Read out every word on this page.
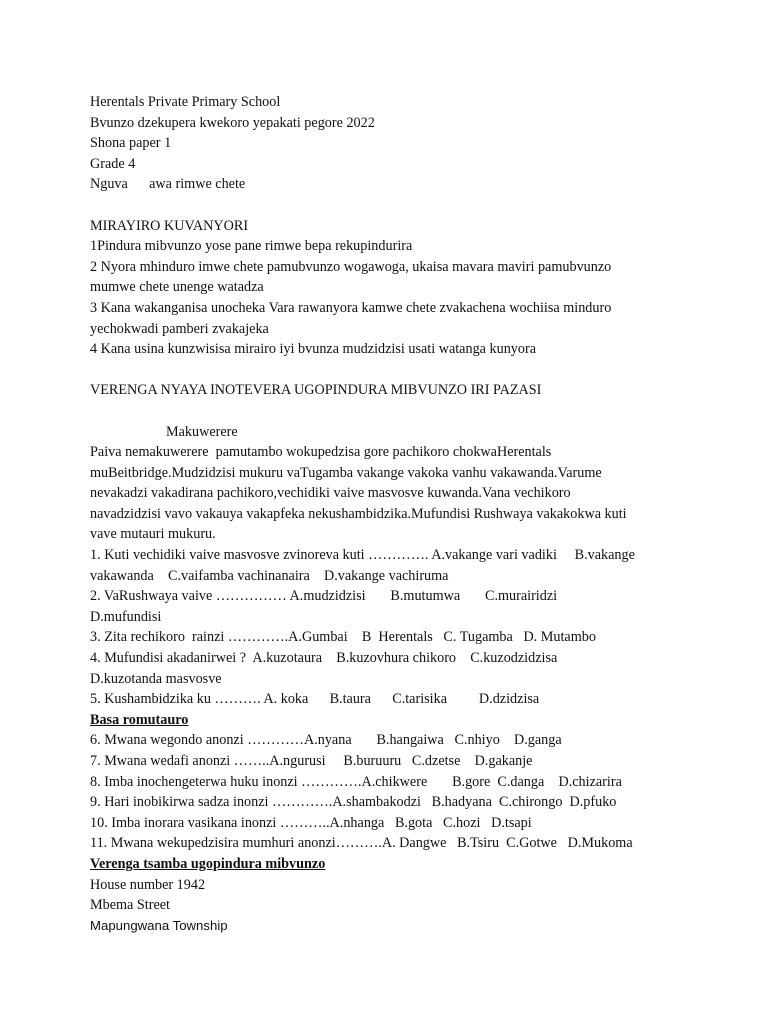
Herentals Private Primary School
Bvunzo dzekupera kwekoro yepakati pegore 2022
Shona paper 1
Grade 4
Nguva      awa rimwe chete
MIRAYIRO KUVANYORI
1Pindura mibvunzo yose pane rimwe bepa rekupindurira
2 Nyora mhinduro imwe chete pamubvunzo wogawoga, ukaisa mavara maviri pamubvunzo
mumwe chete unenge watadza
3 Kana wakanganisa unocheka Vara rawanyora kamwe chete zvakachena wochiisa minduro
yechokwadi pamberi zvakajeka
4 Kana usina kunzwisisa mirairo iyi bvunza mudzidzisi usati watanga kunyora
VERENGA NYAYA INOTEVERA UGOPINDURA MIBVUNZO IRI PAZASI
Makuwerere
Paiva nemakuwerere  pamutambo wokupedzisa gore pachikoro chokwaHerentals
muBeitbridge.Mudzidzisi mukuru vaTugamba vakange vakoka vanhu vakawanda.Varume
nevakadzi vakadirana pachikoro,vechidiki vaive masvosve kuwanda.Vana vechikoro
navadzidzisi vavo vakauya vakapfeka nekushambidzika.Mufundisi Rushwaya vakakokwa kuti
vave mutauri mukuru.
1. Kuti vechidiki vaive masvosve zvinoreva kuti …………. A.vakange vari vadiki     B.vakange
vakawanda    C.vaifamba vachinanaira    D.vakange vachiruma
2. VaRushwaya vaive …………… A.mudzidzisi       B.mutumwa       C.murairidzi
D.mufundisi
3. Zita rechikoro  rainzi ………….A.Gumbai    B  Herentals   C. Tugamba   D. Mutambo
4. Mufundisi akadanirwei ?  A.kuzotaura    B.kuzovhura chikoro    C.kuzodzidzisa
D.kuzotanda masvosve
5. Kushambidzika ku ………. A. koka      B.taura      C.tarisika         D.dzidzisa
Basa romutauro
6. Mwana wegondo anonzi …………A.nyana       B.hangaiwa   C.nhiyo    D.ganga
7. Mwana wedafi anonzi ……..A.ngurusi     B.buruuru   C.dzetse    D.gakanje
8. Imba inochengeterwa huku inonzi ………….A.chikwere       B.gore  C.danga    D.chizarira
9. Hari inobikirwa sadza inonzi ………….A.shambakodzi   B.hadyana  C.chirongo  D.pfuko
10. Imba inorara vasikana inonzi ………..A.nhanga   B.gota   C.hozi   D.tsapi
11. Mwana wekupedzisira mumhuri anonzi……….A. Dangwe   B.Tsiru  C.Gotwe   D.Mukoma
Verenga tsamba ugopindura mibvunzo
House number 1942
Mbema Street
Mapungwana Township
